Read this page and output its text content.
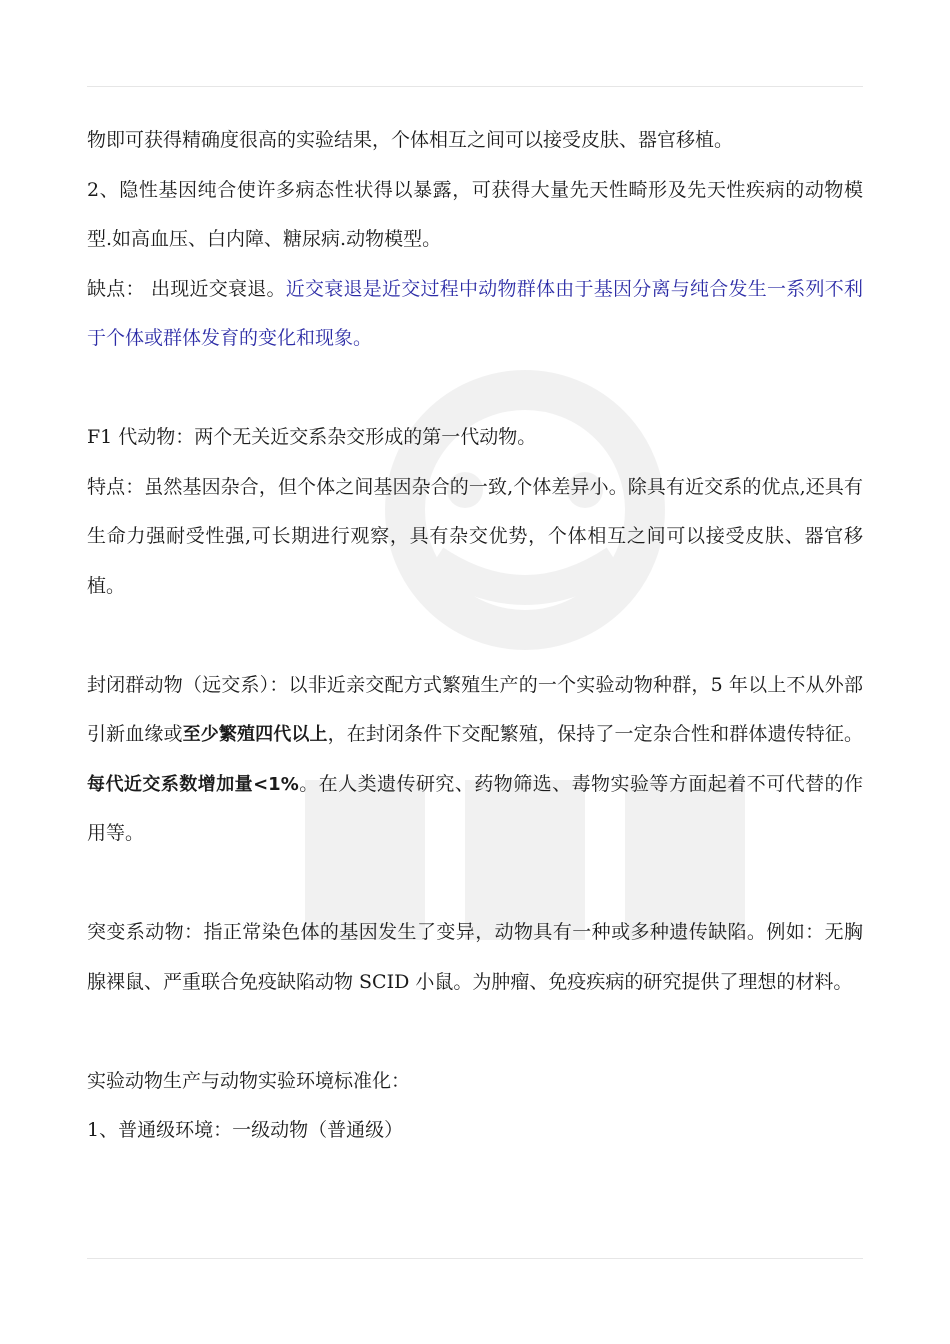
物即可获得精确度很高的实验结果，个体相互之间可以接受皮肤、器官移植。

2、隐性基因纯合使许多病态性状得以暴露，可获得大量先天性畸形及先天性疾病的动物模型.如高血压、白内障、糖尿病.动物模型。

缺点： 出现近交衰退。近交衰退是近交过程中动物群体由于基因分离与纯合发生一系列不利于个体或群体发育的变化和现象。

F1 代动物：两个无关近交系杂交形成的第一代动物。

特点：虽然基因杂合，但个体之间基因杂合的一致,个体差异小。除具有近交系的优点,还具有生命力强耐受性强,可长期进行观察，具有杂交优势，个体相互之间可以接受皮肤、器官移植。

封闭群动物（远交系）：以非近亲交配方式繁殖生产的一个实验动物种群，5 年以上不从外部引新血缘或至少繁殖四代以上，在封闭条件下交配繁殖，保持了一定杂合性和群体遗传特征。每代近交系数增加量<1%。在人类遗传研究、药物筛选、毒物实验等方面起着不可代替的作用等。

突变系动物：指正常染色体的基因发生了变异，动物具有一种或多种遗传缺陷。例如：无胸腺裸鼠、严重联合免疫缺陷动物 SCID 小鼠。为肿瘤、免疫疾病的研究提供了理想的材料。

实验动物生产与动物实验环境标准化：

1、普通级环境：一级动物（普通级）
